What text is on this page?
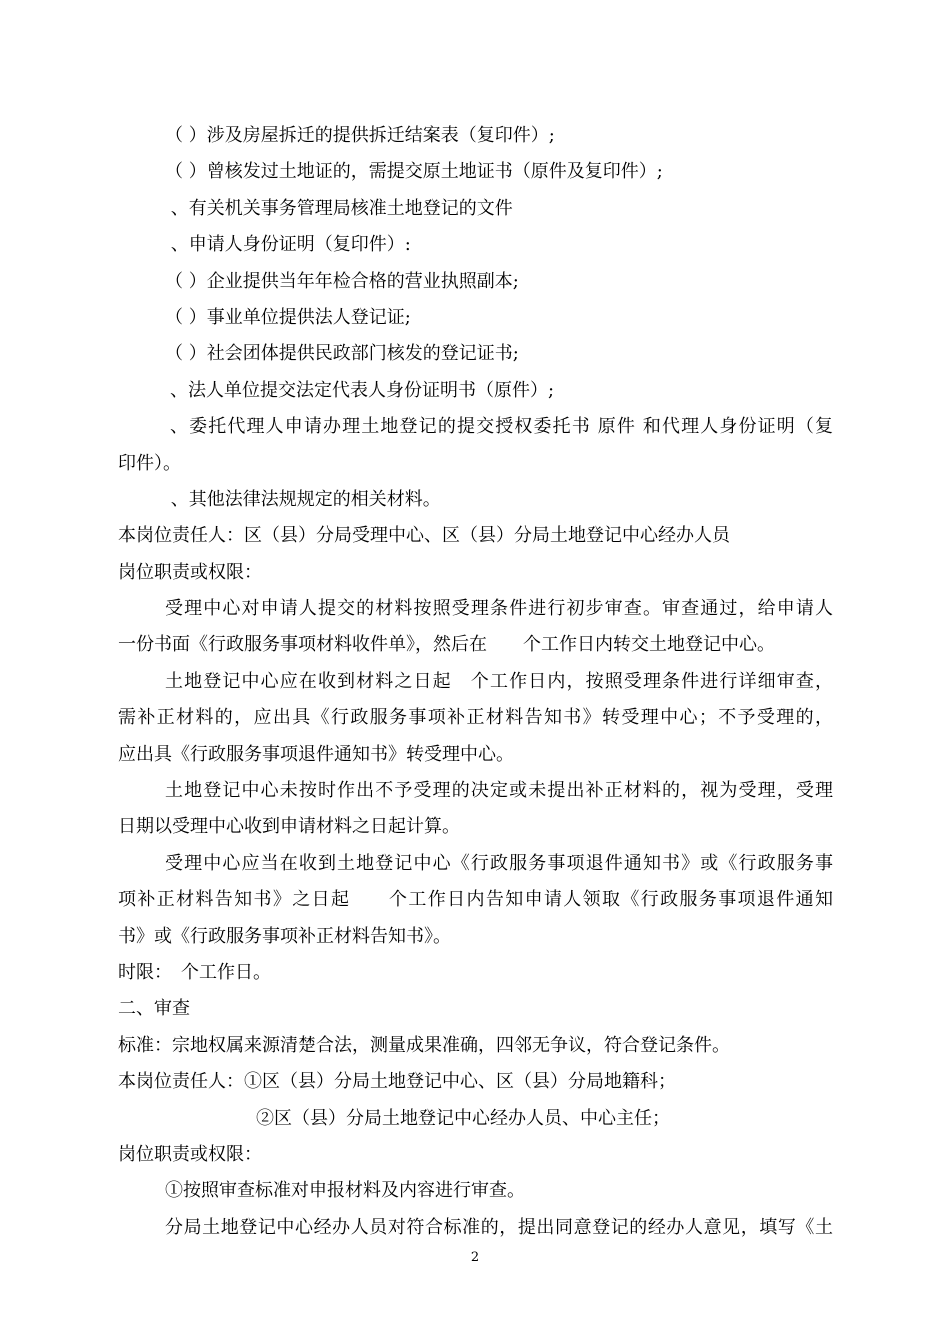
（ ）涉及房屋拆迁的提供拆迁结案表（复印件）;
（ ）曾核发过土地证的，需提交原土地证书（原件及复印件）;
、有关机关事务管理局核准土地登记的文件
、申请人身份证明（复印件）:
（ ）企业提供当年年检合格的营业执照副本;
（ ）事业单位提供法人登记证;
（ ）社会团体提供民政部门核发的登记证书;
、法人单位提交法定代表人身份证明书（原件）;
、委托代理人申请办理土地登记的提交授权委托书 原件 和代理人身份证明（复
印件）。
、其他法律法规规定的相关材料。
本岗位责任人：区（县）分局受理中心、区（县）分局土地登记中心经办人员
岗位职责或权限：
受理中心对申请人提交的材料按照受理条件进行初步审查。审查通过，给申请人
一份书面《行政服务事项材料收件单》，然后在　　个工作日内转交土地登记中心。
土地登记中心应在收到材料之日起　个工作日内，按照受理条件进行详细审查，
需补正材料的，应出具《行政服务事项补正材料告知书》转受理中心；不予受理的，
应出具《行政服务事项退件通知书》转受理中心。
土地登记中心未按时作出不予受理的决定或未提出补正材料的，视为受理，受理
日期以受理中心收到申请材料之日起计算。
受理中心应当在收到土地登记中心《行政服务事项退件通知书》或《行政服务事
项补正材料告知书》之日起　　个工作日内告知申请人领取《行政服务事项退件通知
书》或《行政服务事项补正材料告知书》。
时限：　个工作日。
二、审查
标准：宗地权属来源清楚合法，测量成果准确，四邻无争议，符合登记条件。
本岗位责任人：①区（县）分局土地登记中心、区（县）分局地籍科；
②区（县）分局土地登记中心经办人员、中心主任；
岗位职责或权限：
①按照审查标准对申报材料及内容进行审查。
分局土地登记中心经办人员对符合标准的，提出同意登记的经办人意见，填写《土
2
